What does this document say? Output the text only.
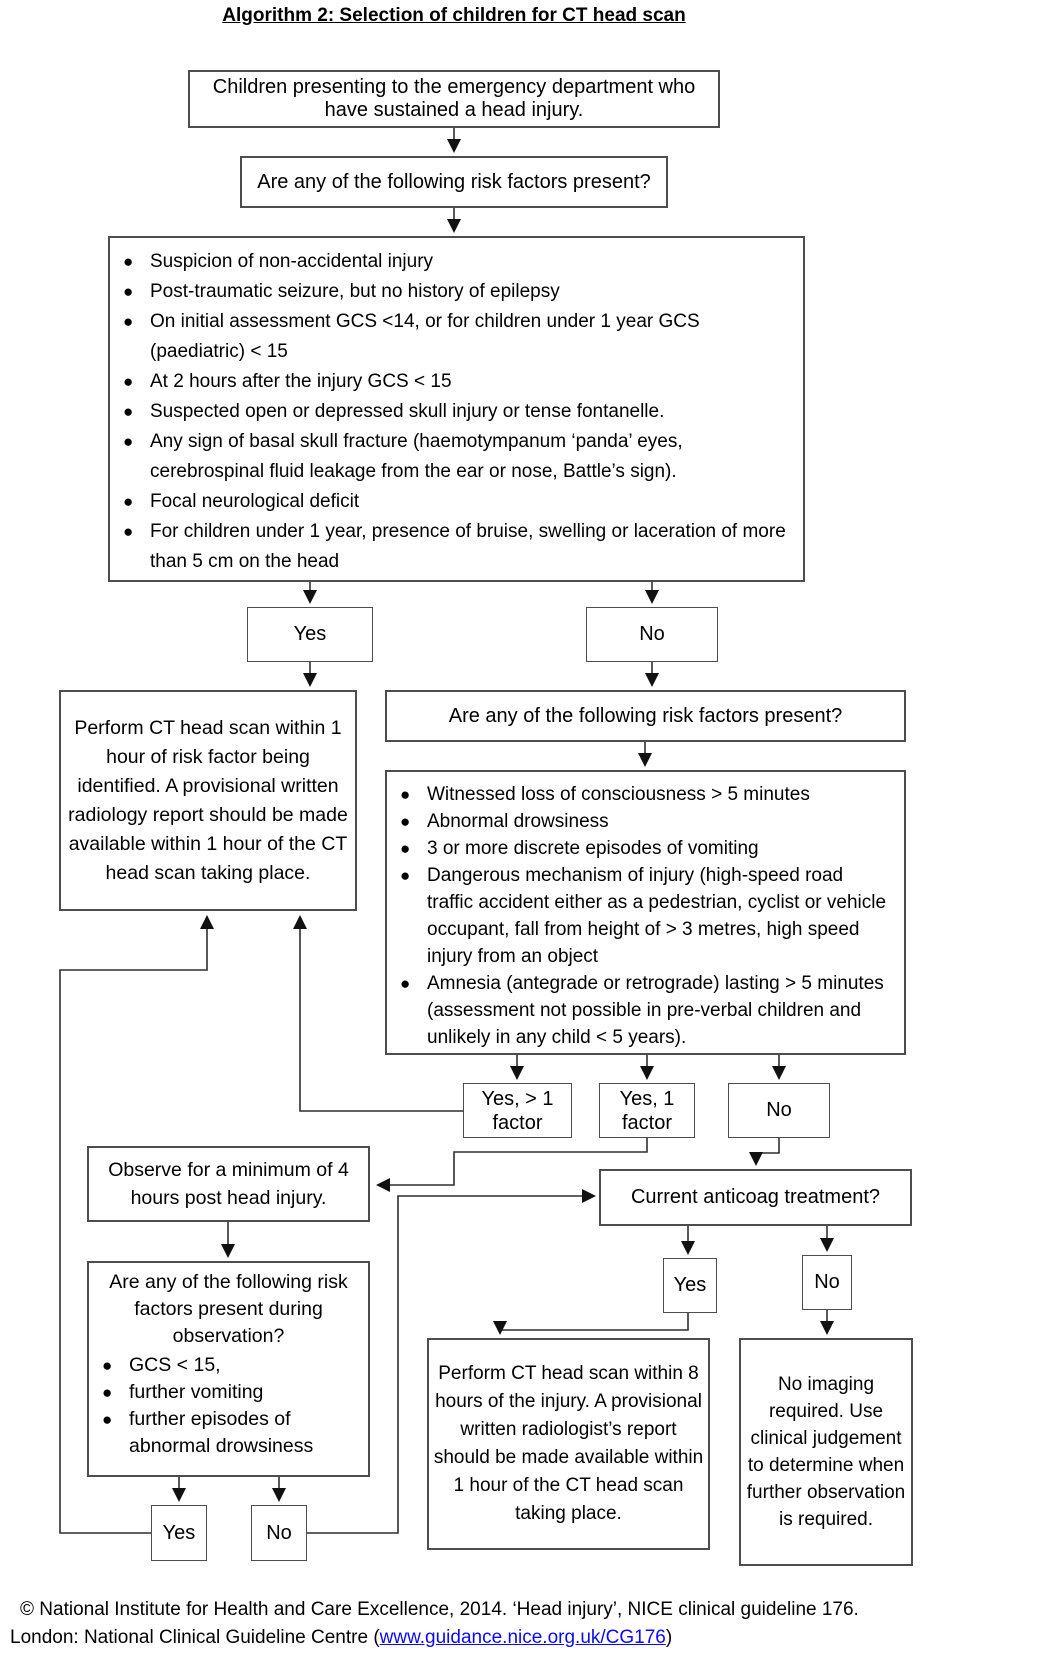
Algorithm 2: Selection of children for CT head scan
Children presenting to the emergency department who have sustained a head injury.
Are any of the following risk factors present?
● Suspicion of non-accidental injury
● Post-traumatic seizure, but no history of epilepsy
● On initial assessment GCS <14, or for children under 1 year GCS (paediatric) < 15
● At 2 hours after the injury GCS < 15
● Suspected open or depressed skull injury or tense fontanelle.
● Any sign of basal skull fracture (haemotympanum ‘panda’ eyes, cerebrospinal fluid leakage from the ear or nose, Battle’s sign).
● Focal neurological deficit
● For children under 1 year, presence of bruise, swelling or laceration of more than 5 cm on the head
Yes	No
Perform CT head scan within 1 hour of risk factor being identified. A provisional written radiology report should be made available within 1 hour of the CT head scan taking place.
Are any of the following risk factors present?
● Witnessed loss of consciousness > 5 minutes
● Abnormal drowsiness
● 3 or more discrete episodes of vomiting
● Dangerous mechanism of injury (high-speed road traffic accident either as a pedestrian, cyclist or vehicle occupant, fall from height of > 3 metres, high speed injury from an object
● Amnesia (antegrade or retrograde) lasting > 5 minutes (assessment not possible in pre-verbal children and unlikely in any child < 5 years).
Yes, > 1 factor
Yes, 1 factor
No
Observe for a minimum of 4 hours post head injury.
Are any of the following risk factors present during observation?
● GCS < 15,
● further vomiting
● further episodes of abnormal drowsiness
Yes	No
Current anticoag treatment?
Yes	No
Perform CT head scan within 8 hours of the injury. A provisional written radiologist’s report should be made available within 1 hour of the CT head scan taking place.
No imaging required. Use clinical judgement to determine when further observation is required.
© National Institute for Health and Care Excellence, 2014. ‘Head injury’, NICE clinical guideline 176.
London: National Clinical Guideline Centre (www.guidance.nice.org.uk/CG176)
